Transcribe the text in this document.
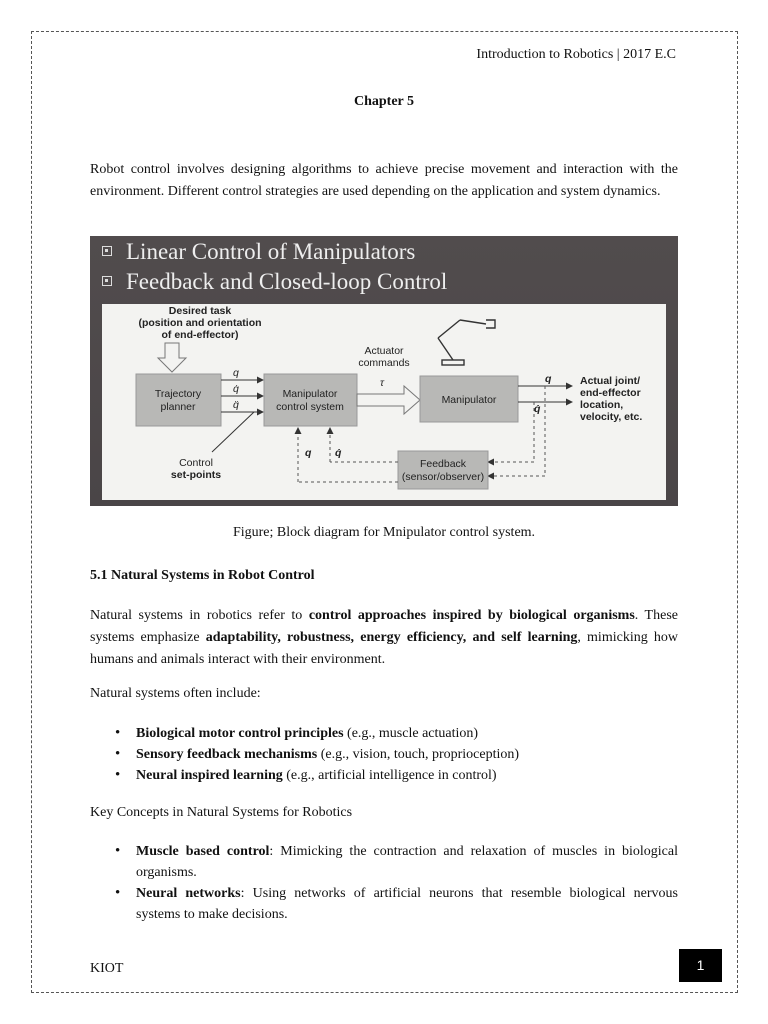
Introduction to Robotics | 2017 E.C
Chapter 5

Robot control involves designing algorithms to achieve precise movement and interaction with the environment. Different control strategies are used depending on the application and system dynamics.

Linear Control of Manipulators
Feedback and Closed-loop Control
Desired task
(position and orientation
of end-effector)
Trajectory
planner
q
q̇
q̈
Manipulator
control system
Actuator
commands
τ
Manipulator
q
q̇
Actual joint/
end-effector
location,
velocity, etc.
Feedback
(sensor/observer)
q q̇
Control
set-points
Figure; Block diagram for Mnipulator control system.
5.1 Natural Systems in Robot Control

Natural systems in robotics refer to control approaches inspired by biological organisms. These systems emphasize adaptability, robustness, energy efficiency, and self learning, mimicking how humans and animals interact with their environment.

Natural systems often include:

• Biological motor control principles (e.g., muscle actuation)
• Sensory feedback mechanisms (e.g., vision, touch, proprioception)
• Neural inspired learning (e.g., artificial intelligence in control)

Key Concepts in Natural Systems for Robotics

• Muscle based control: Mimicking the contraction and relaxation of muscles in biological organisms.
• Neural networks: Using networks of artificial neurons that resemble biological nervous systems to make decisions.
KIOT	1
